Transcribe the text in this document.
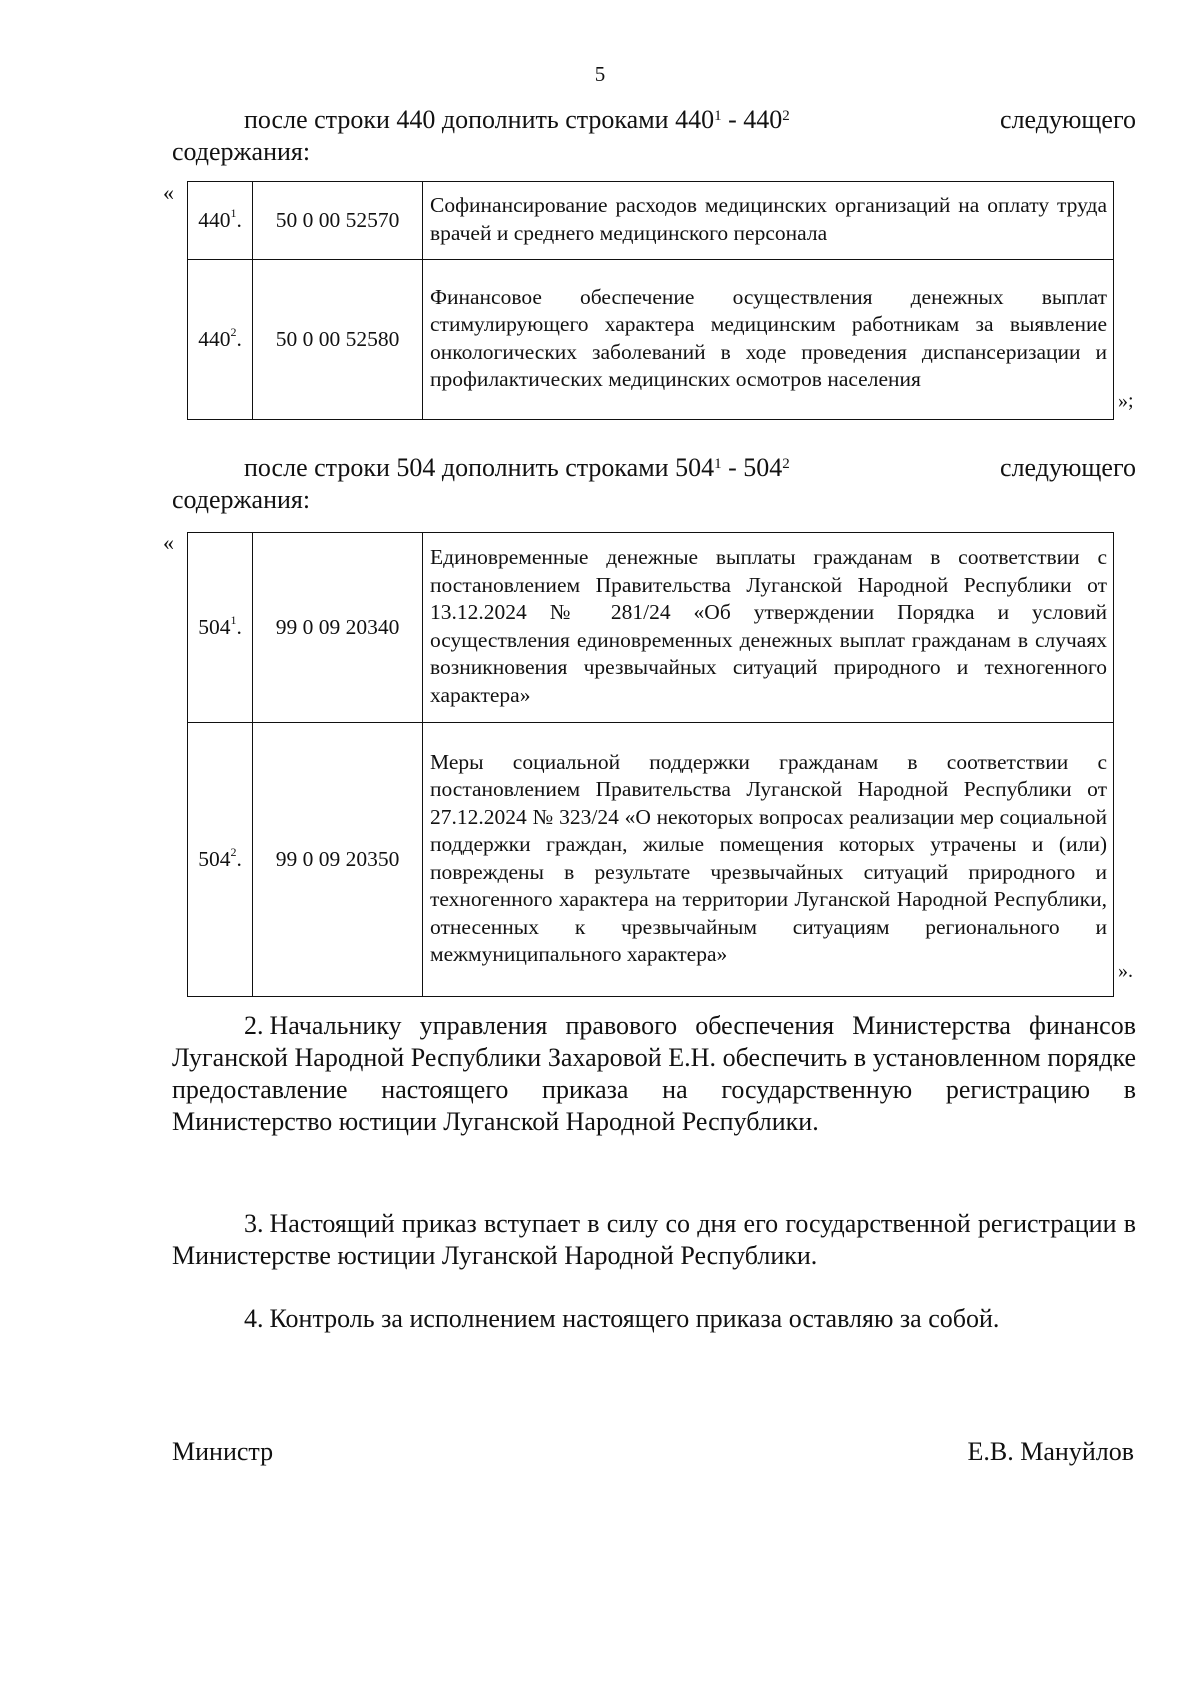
5
после строки 440 дополнить строками $440^1 - 440^2$	следующего
содержания:
«
$440^1$.	50 0 00 52570	Софинансирование расходов медицинских организаций на оплату труда врачей и среднего медицинского персонала
$440^2$.	50 0 00 52580	Финансовое обеспечение осуществления денежных выплат стимулирующего характера медицинским работникам за выявление онкологических заболеваний в ходе проведения диспансеризации и профилактических медицинских осмотров населения
»;
после строки 504 дополнить строками $504^1 - 504^2$	следующего
содержания:
«
$504^1$.	99 0 09 20340	Единовременные денежные выплаты гражданам в соответствии с постановлением Правительства Луганской Народной Республики от 13.12.2024 № 281/24 «Об утверждении Порядка и условий осуществления единовременных денежных выплат гражданам в случаях возникновения чрезвычайных ситуаций природного и техногенного характера»
$504^2$.	99 0 09 20350	Меры социальной поддержки гражданам в соответствии с постановлением Правительства Луганской Народной Республики от 27.12.2024 № 323/24 «О некоторых вопросах реализации мер социальной поддержки граждан, жилые помещения которых утрачены и (или) повреждены в результате чрезвычайных ситуаций природного и техногенного характера на территории Луганской Народной Республики, отнесенных к чрезвычайным ситуациям регионального и межмуниципального характера»
».
2. Начальнику управления правового обеспечения Министерства финансов Луганской Народной Республики Захаровой Е.Н. обеспечить в установленном порядке предоставление настоящего приказа на государственную регистрацию в Министерство юстиции Луганской Народной Республики.
3. Настоящий приказ вступает в силу со дня его государственной регистрации в Министерстве юстиции Луганской Народной Республики.
4. Контроль за исполнением настоящего приказа оставляю за собой.
Министр	Е.В. Мануйлов
